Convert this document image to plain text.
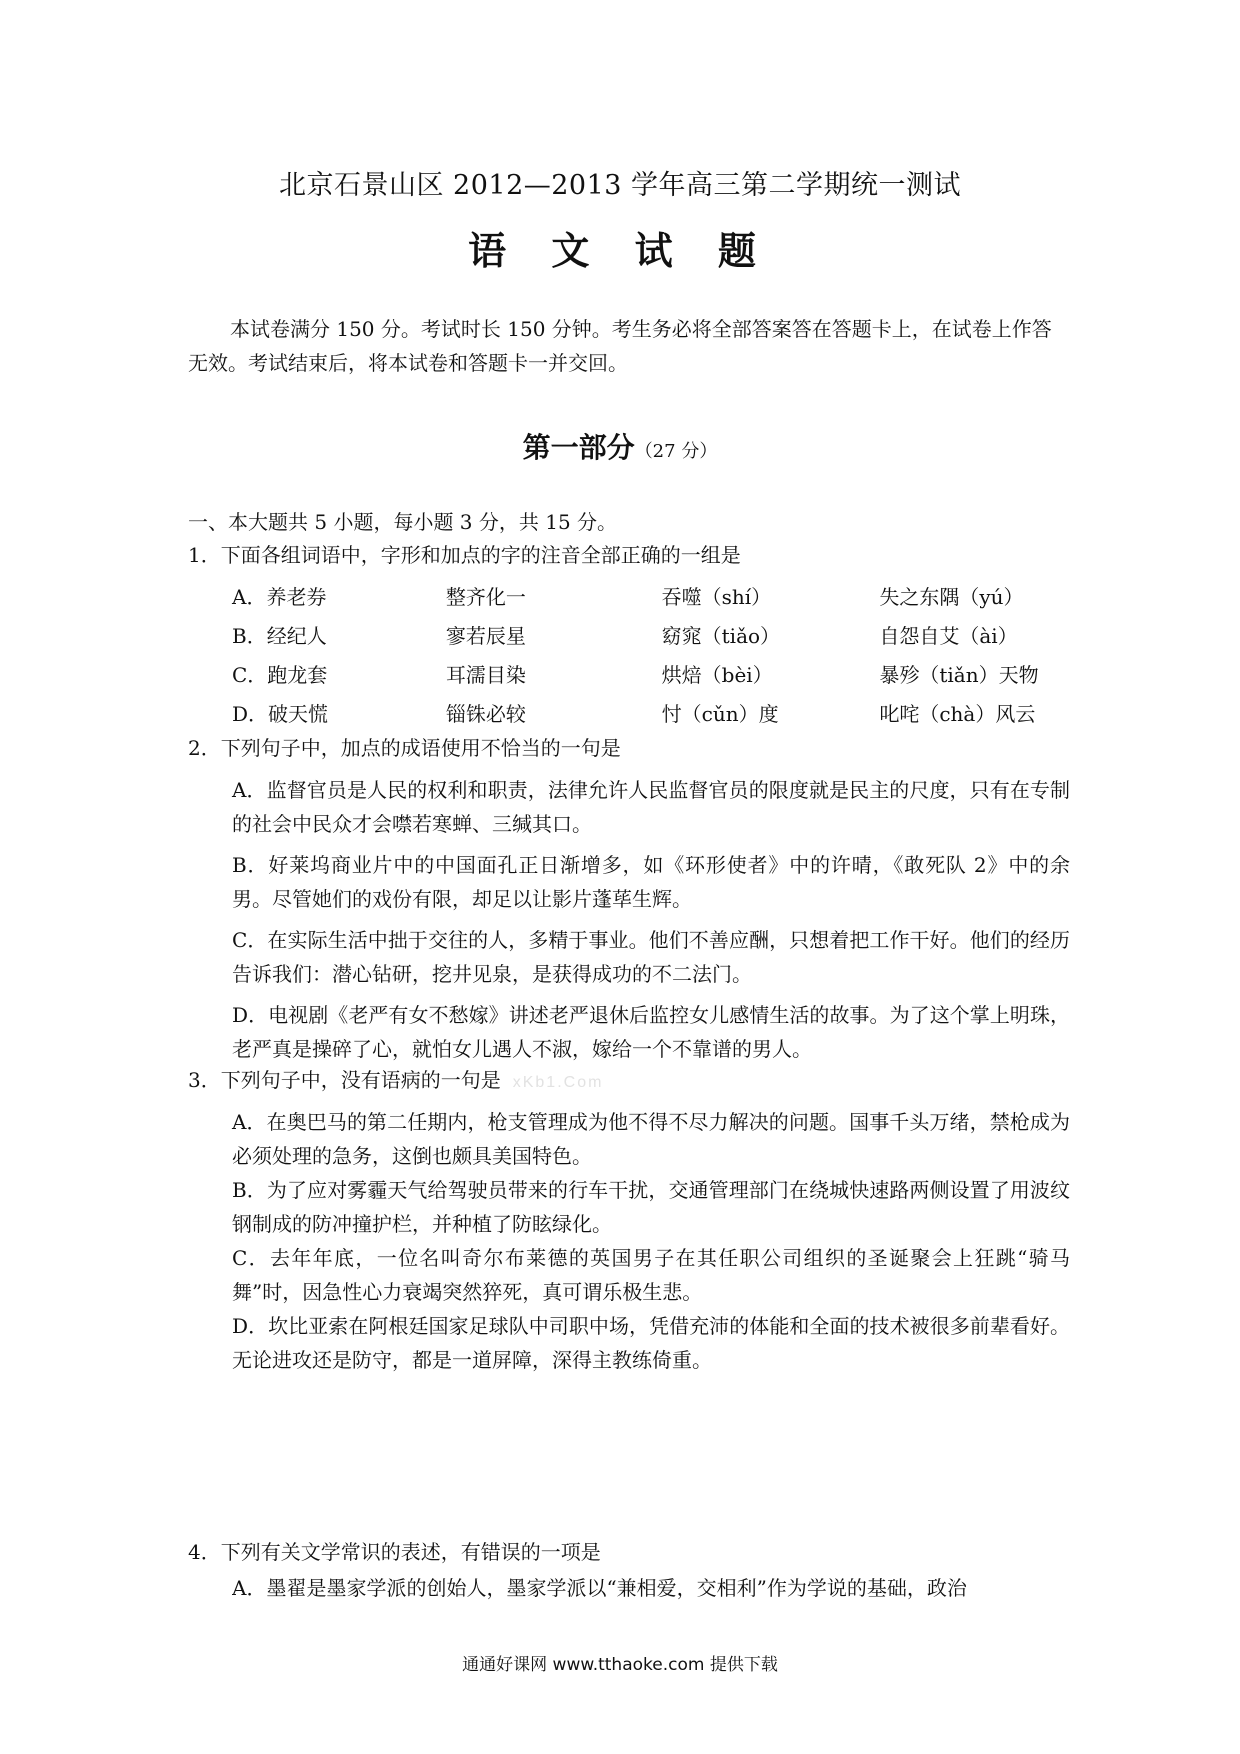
北京石景山区 2012—2013 学年高三第二学期统一测试
语 文 试 题
本试卷满分 150 分。考试时长 150 分钟。考生务必将全部答案答在答题卡上，在试卷上作答无效。考试结束后，将本试卷和答题卡一并交回。
第一部分（27 分）
一、本大题共 5 小题，每小题 3 分，共 15 分。
1．下面各组词语中，字形和加点的字的注音全部正确的一组是
A．养老券	整齐化一	吞噬（shí）	失之东隅（yú）
B．经纪人	寥若辰星	窈窕（tiǎo）	自怨自艾（ài）
C．跑龙套	耳濡目染	烘焙（bèi）	暴殄（tiǎn）天物
D．破天慌	锱铢必较	忖（cǔn）度	叱咤（chà）风云
2．下列句子中，加点的成语使用不恰当的一句是
A．监督官员是人民的权利和职责，法律允许人民监督官员的限度就是民主的尺度，只有在专制的社会中民众才会噤若寒蝉、三缄其口。
B．好莱坞商业片中的中国面孔正日渐增多，如《环形使者》中的许晴，《敢死队 2》中的余男。尽管她们的戏份有限，却足以让影片蓬荜生辉。
C．在实际生活中拙于交往的人，多精于事业。他们不善应酬，只想着把工作干好。他们的经历告诉我们：潜心钻研，挖井见泉，是获得成功的不二法门。
D．电视剧《老严有女不愁嫁》讲述老严退休后监控女儿感情生活的故事。为了这个掌上明珠，老严真是操碎了心，就怕女儿遇人不淑，嫁给一个不靠谱的男人。
3．下列句子中，没有语病的一句是 xKb1.Com
A．在奥巴马的第二任期内，枪支管理成为他不得不尽力解决的问题。国事千头万绪，禁枪成为必须处理的急务，这倒也颇具美国特色。
B．为了应对雾霾天气给驾驶员带来的行车干扰，交通管理部门在绕城快速路两侧设置了用波纹钢制成的防冲撞护栏，并种植了防眩绿化。
C．去年年底，一位名叫奇尔布莱德的英国男子在其任职公司组织的圣诞聚会上狂跳“骑马舞”时，因急性心力衰竭突然猝死，真可谓乐极生悲。
D．坎比亚索在阿根廷国家足球队中司职中场，凭借充沛的体能和全面的技术被很多前辈看好。无论进攻还是防守，都是一道屏障，深得主教练倚重。
4．下列有关文学常识的表述，有错误的一项是
A．墨翟是墨家学派的创始人，墨家学派以“兼相爱，交相利”作为学说的基础，政治
通通好课网 www.tthaoke.com 提供下载
